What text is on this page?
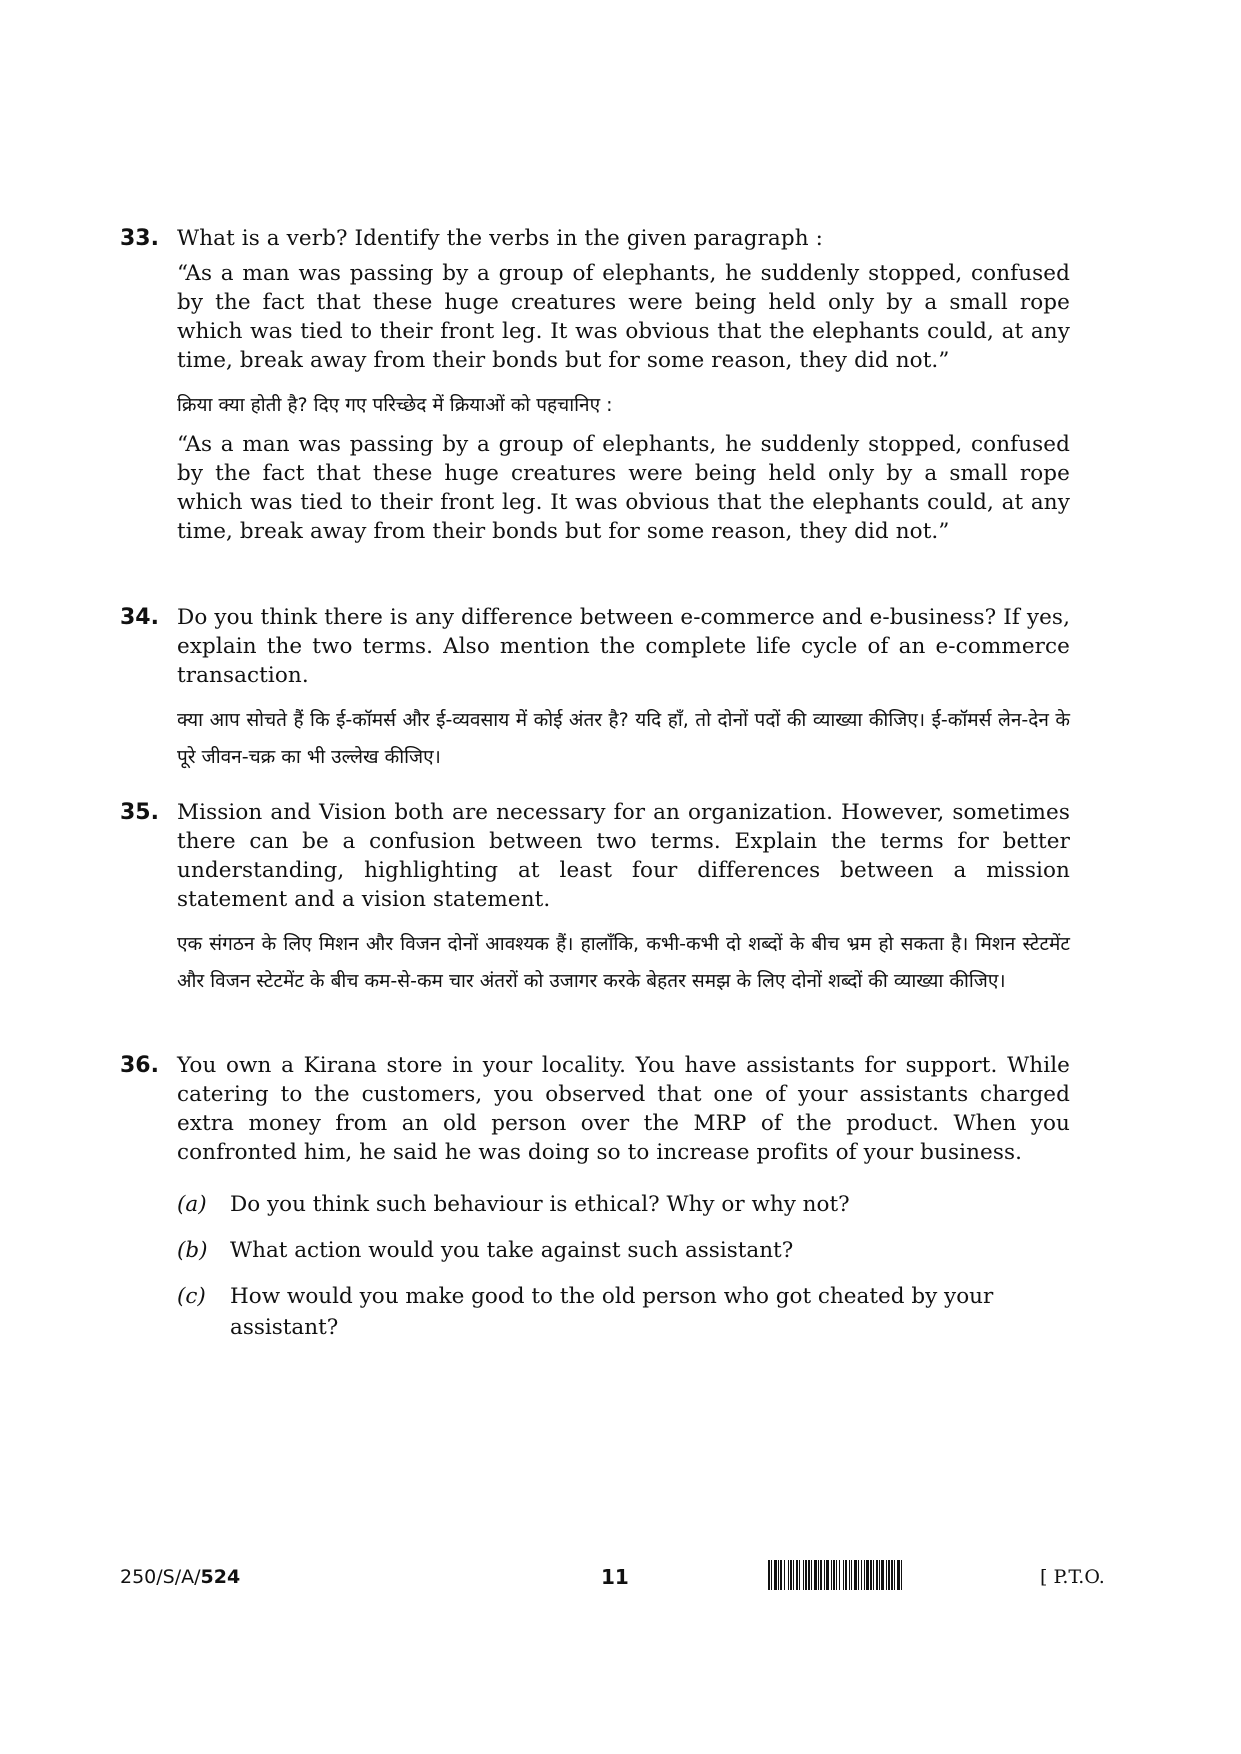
33. What is a verb? Identify the verbs in the given paragraph :

“As a man was passing by a group of elephants, he suddenly stopped, confused by the fact that these huge creatures were being held only by a small rope which was tied to their front leg. It was obvious that the elephants could, at any time, break away from their bonds but for some reason, they did not.”

क्रिया क्या होती है? दिए गए परिच्छेद में क्रियाओं को पहचानिए :

“As a man was passing by a group of elephants, he suddenly stopped, confused by the fact that these huge creatures were being held only by a small rope which was tied to their front leg. It was obvious that the elephants could, at any time, break away from their bonds but for some reason, they did not.”

34. Do you think there is any difference between e-commerce and e-business? If yes, explain the two terms. Also mention the complete life cycle of an e-commerce transaction.

क्या आप सोचते हैं कि ई-कॉमर्स और ई-व्यवसाय में कोई अंतर है? यदि हाँ, तो दोनों पदों की व्याख्या कीजिए। ई-कॉमर्स लेन-देन के पूरे जीवन-चक्र का भी उल्लेख कीजिए।

35. Mission and Vision both are necessary for an organization. However, sometimes there can be a confusion between two terms. Explain the terms for better understanding, highlighting at least four differences between a mission statement and a vision statement.

एक संगठन के लिए मिशन और विजन दोनों आवश्यक हैं। हालाँकि, कभी-कभी दो शब्दों के बीच भ्रम हो सकता है। मिशन स्टेटमेंट और विजन स्टेटमेंट के बीच कम-से-कम चार अंतरों को उजागर करके बेहतर समझ के लिए दोनों शब्दों की व्याख्या कीजिए।

36. You own a Kirana store in your locality. You have assistants for support. While catering to the customers, you observed that one of your assistants charged extra money from an old person over the MRP of the product. When you confronted him, he said he was doing so to increase profits of your business.

(a) Do you think such behaviour is ethical? Why or why not?
(b) What action would you take against such assistant?
(c) How would you make good to the old person who got cheated by your assistant?
250/S/A/524	11	[ P.T.O.
